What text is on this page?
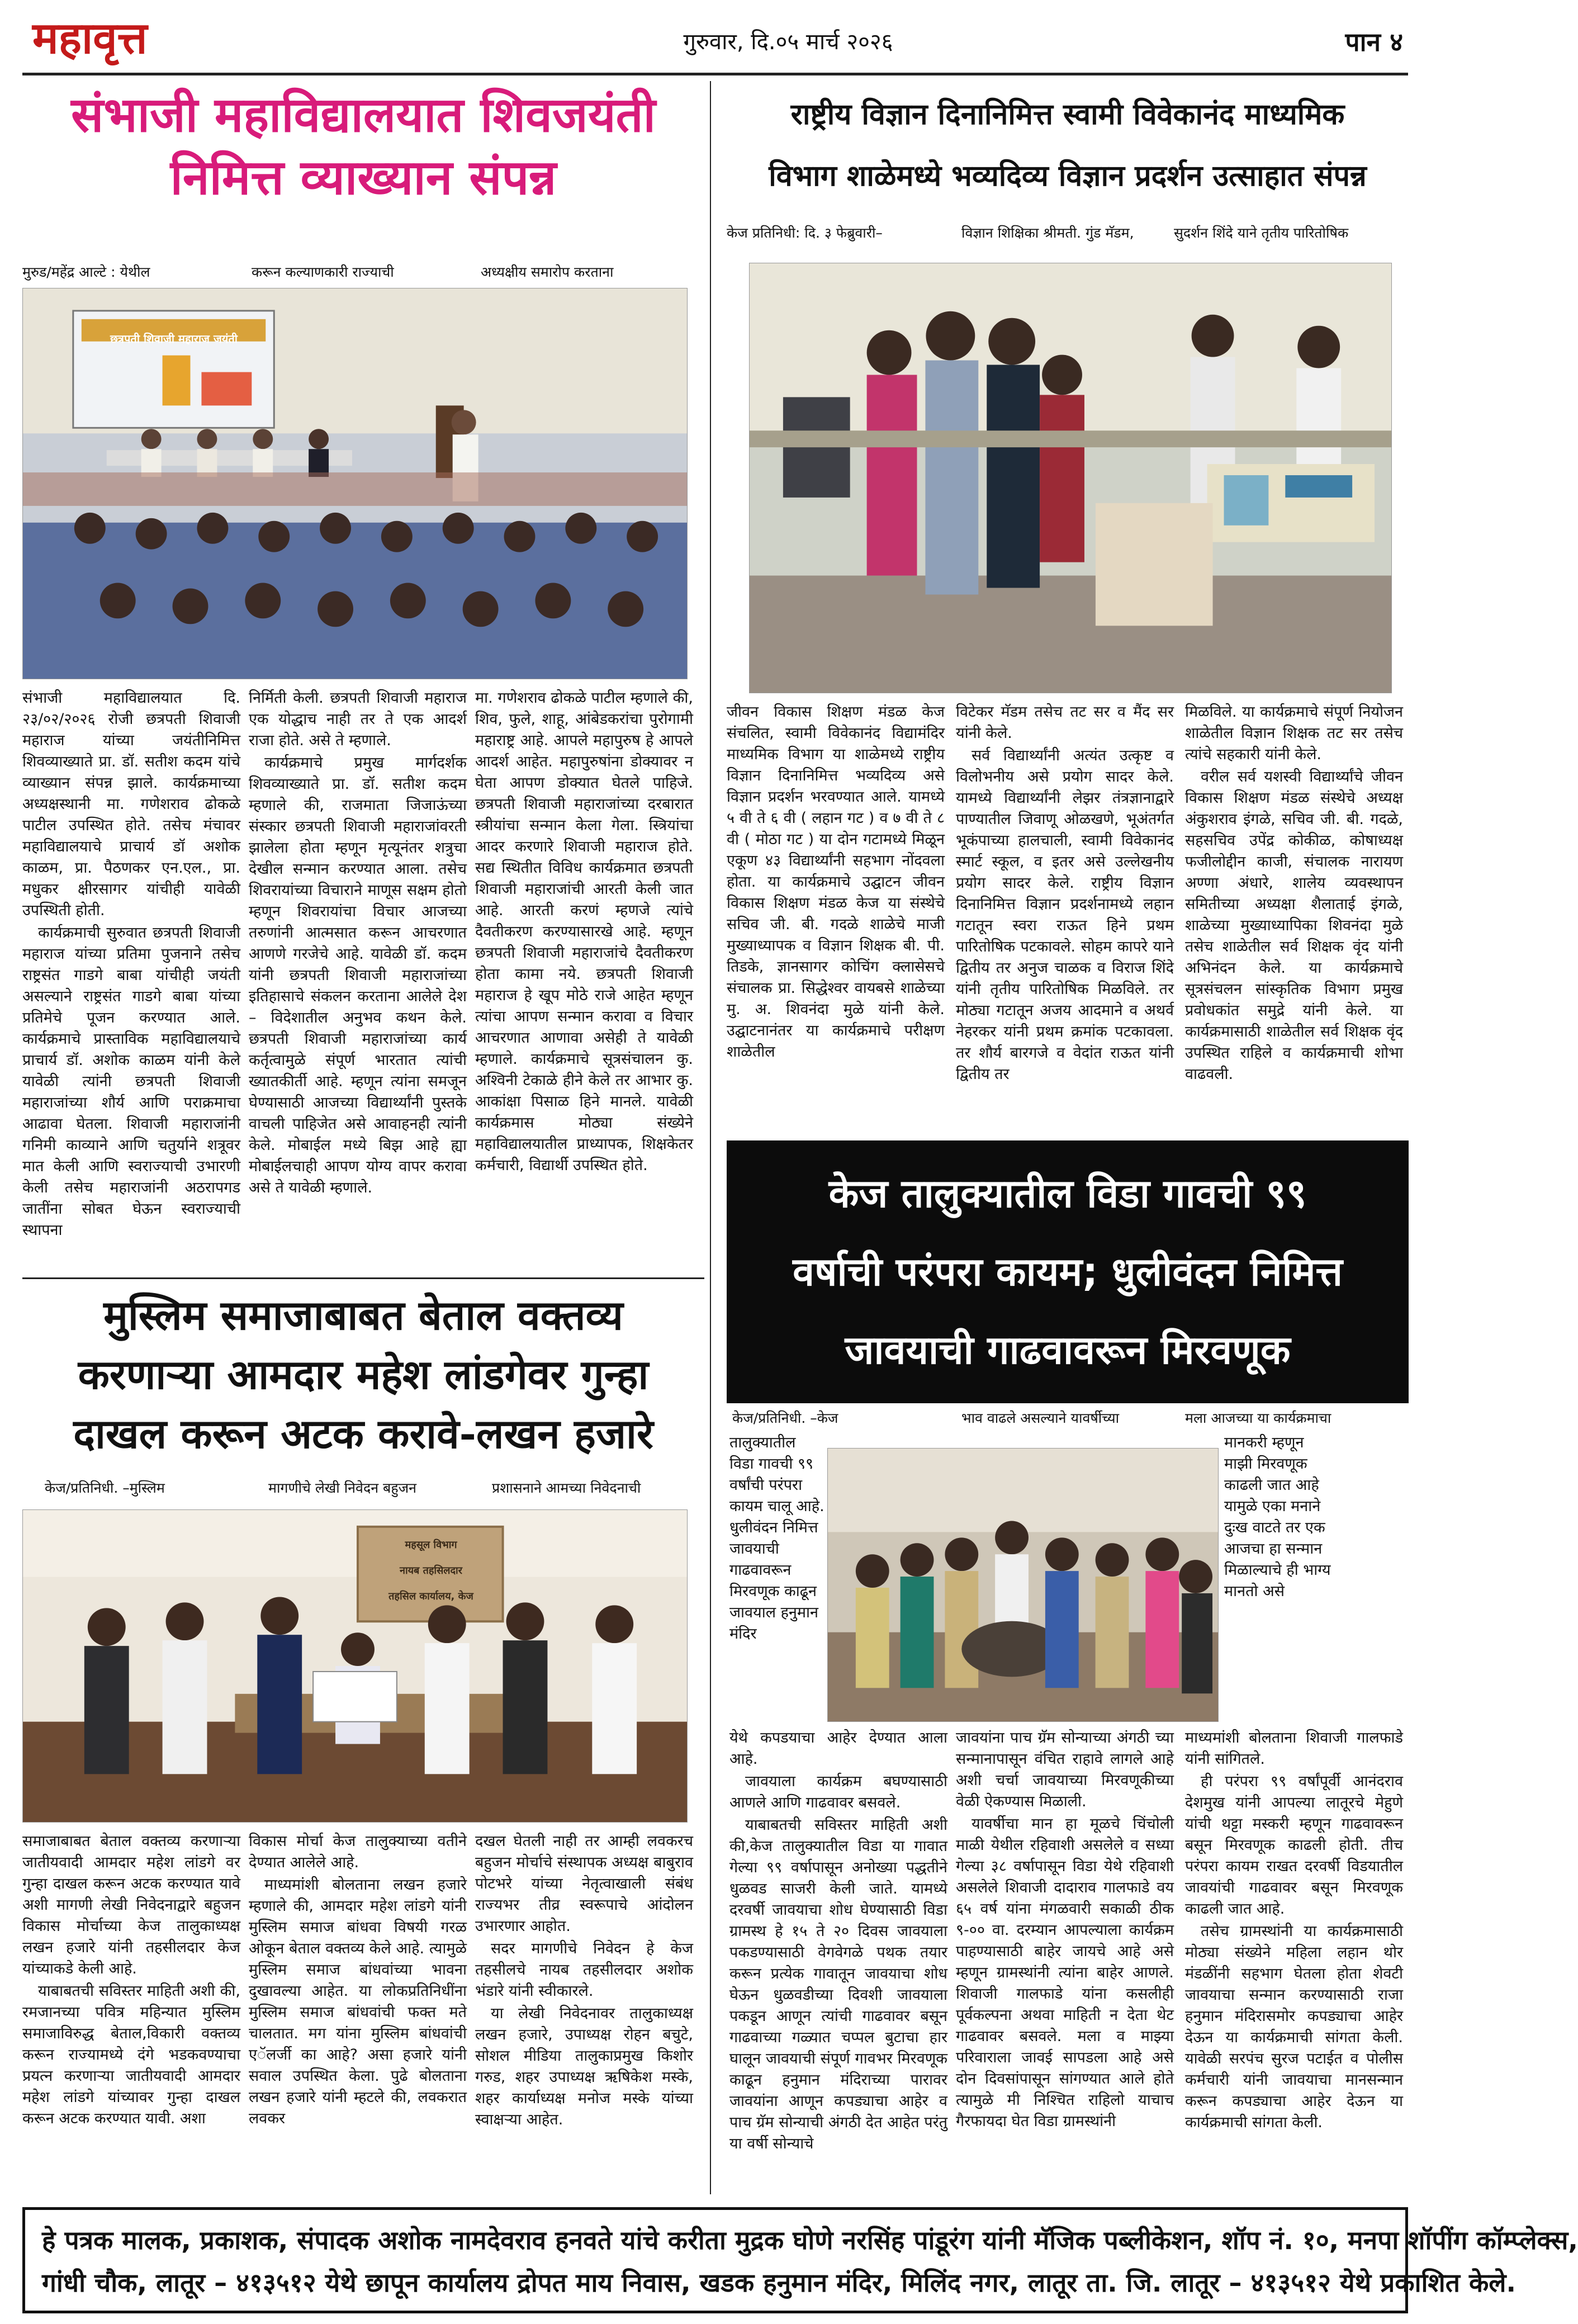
महावृत्त	गुरुवार, दि.०५ मार्च २०२६	पान ४
संभाजी महाविद्यालयात शिवजयंती
निमित्त व्याख्यान संपन्न
मुरुड/महेंद्र आल्टे : येथील	करून कल्याणकारी राज्याची	अध्यक्षीय समारोप करताना
छत्रपती शिवाजी महाराज जयंती

संभाजी महाविद्यालयात दि. २३/०२/२०२६ रोजी छत्रपती शिवाजी महाराज यांच्या जयंतीनिमित्त शिवव्याख्याते प्रा. डॉ. सतीश कदम यांचे व्याख्यान संपन्न झाले. कार्यक्रमाच्या अध्यक्षस्थानी मा. गणेशराव ढोकळे पाटील उपस्थित होते. तसेच मंचावर महाविद्यालयाचे प्राचार्य डॉ अशोक काळम, प्रा. पैठणकर एन.एल., प्रा. मधुकर क्षीरसागर यांचीही यावेळी उपस्थिती होती.

कार्यक्रमाची सुरुवात छत्रपती शिवाजी महाराज यांच्या प्रतिमा पुजनाने तसेच राष्ट्रसंत गाडगे बाबा यांचीही जयंती असल्याने राष्ट्रसंत गाडगे बाबा यांच्या प्रतिमेचे पूजन करण्यात आले. कार्यक्रमाचे प्रास्ताविक महाविद्यालयाचे प्राचार्य डॉ. अशोक काळम यांनी केले यावेळी त्यांनी छत्रपती शिवाजी महाराजांच्या शौर्य आणि पराक्रमाचा आढावा घेतला. शिवाजी महाराजांनी गनिमी काव्याने आणि चतुर्याने शत्रूवर मात केली आणि स्वराज्याची उभारणी केली तसेच महाराजांनी अठरापगड जातींना सोबत घेऊन स्वराज्याची स्थापना

निर्मिती केली. छत्रपती शिवाजी महाराज एक योद्धाच नाही तर ते एक आदर्श राजा होते. असे ते म्हणाले.

कार्यक्रमाचे प्रमुख मार्गदर्शक शिवव्याख्याते प्रा. डॉ. सतीश कदम म्हणाले की, राजमाता जिजाऊंच्या संस्कार छत्रपती शिवाजी महाराजांवरती झालेला होता म्हणून मृत्यूनंतर शत्रुचा देखील सन्मान करण्यात आला. तसेच शिवरायांच्या विचाराने माणूस सक्षम होतो म्हणून शिवरायांचा विचार आजच्या तरुणांनी आत्मसात करून आचरणात आणणे गरजेचे आहे. यावेळी डॉ. कदम यांनी छत्रपती शिवाजी महाराजांच्या इतिहासाचे संकलन करताना आलेले देश – विदेशातील अनुभव कथन केले. छत्रपती शिवाजी महाराजांच्या कार्य कर्तृत्वामुळे संपूर्ण भारतात त्यांची ख्यातकीर्ती आहे. म्हणून त्यांना समजून घेण्यासाठी आजच्या विद्यार्थ्यांनी पुस्तके वाचली पाहिजेत असे आवाहनही त्यांनी केले. मोबाईल मध्ये बिझ आहे ह्या मोबाईलचाही आपण योग्य वापर करावा असे ते यावेळी म्हणाले.

मा. गणेशराव ढोकळे पाटील म्हणाले की, शिव, फुले, शाहू, आंबेडकरांचा पुरोगामी महाराष्ट्र आहे. आपले महापुरुष हे आपले आदर्श आहेत. महापुरुषांना डोक्यावर न घेता आपण डोक्यात घेतले पाहिजे. छत्रपती शिवाजी महाराजांच्या दरबारात स्त्रीयांचा सन्मान केला गेला. स्त्रियांचा आदर करणारे शिवाजी महाराज होते. सद्य स्थितीत विविध कार्यक्रमात छत्रपती शिवाजी महाराजांची आरती केली जात आहे. आरती करणं म्हणजे त्यांचे दैवतीकरण करण्यासारखे आहे. म्हणून छत्रपती शिवाजी महाराजांचे दैवतीकरण होता कामा नये. छत्रपती शिवाजी महाराज हे खूप मोठे राजे आहेत म्हणून त्यांचा आपण सन्मान करावा व विचार आचरणात आणावा असेही ते यावेळी म्हणाले. कार्यक्रमाचे सूत्रसंचालन कु. अश्विनी टेकाळे हीने केले तर आभार कु. आकांक्षा पिसाळ हिने मानले. यावेळी कार्यक्रमास मोठ्या संख्येने महाविद्यालयातील प्राध्यापक, शिक्षकेतर कर्मचारी, विद्यार्थी उपस्थित होते.

मुस्लिम समाजाबाबत बेताल वक्तव्य
करणाऱ्या आमदार महेश लांडगेवर गुन्हा
दाखल करून अटक करावे-लखन हजारे
केज/प्रतिनिधी. –मुस्लिम	मागणीचे लेखी निवेदन बहुजन	प्रशासनाने आमच्या निवेदनाची
महसूल विभाग
नायब तहसिलदार
तहसिल कार्यालय, केज

समाजाबाबत बेताल वक्तव्य करणाऱ्या जातीयवादी आमदार महेश लांडगे वर गुन्हा दाखल करून अटक करण्यात यावे अशी मागणी लेखी निवेदनाद्वारे बहुजन विकास मोर्चाच्या केज तालुकाध्यक्ष लखन हजारे यांनी तहसीलदार केज यांच्याकडे केली आहे.

याबाबतची सविस्तर माहिती अशी की, रमजानच्या पवित्र महिन्यात मुस्लिम समाजाविरुद्ध बेताल,विकारी वक्तव्य करून राज्यामध्ये दंगे भडकवण्याचा प्रयत्न करणाऱ्या जातीयवादी आमदार महेश लांडगे यांच्यावर गुन्हा दाखल करून अटक करण्यात यावी. अशा

विकास मोर्चा केज तालुक्याच्या वतीने देण्यात आलेले आहे.

माध्यमांशी बोलताना लखन हजारे म्हणाले की, आमदार महेश लांडगे यांनी मुस्लिम समाज बांधवा विषयी गरळ ओकून बेताल वक्तव्य केले आहे. त्यामुळे मुस्लिम समाज बांधवांच्या भावना दुखावल्या आहेत. या लोकप्रतिनिधींना मुस्लिम समाज बांधवांची फक्त मते चालतात. मग यांना मुस्लिम बांधवांची एॅलर्जी का आहे? असा हजारे यांनी सवाल उपस्थित केला. पुढे बोलताना लखन हजारे यांनी म्हटले की, लवकरात लवकर

दखल घेतली नाही तर आम्ही लवकरच बहुजन मोर्चाचे संस्थापक अध्यक्ष बाबुराव पोटभरे यांच्या नेतृत्वाखाली संबंध राज्यभर तीव्र स्वरूपाचे आंदोलन उभारणार आहोत.

सदर मागणीचे निवेदन हे केज तहसीलचे नायब तहसीलदार अशोक भंडारे यांनी स्वीकारले.

या लेखी निवेदनावर तालुकाध्यक्ष लखन हजारे, उपाध्यक्ष रोहन बचुटे, सोशल मीडिया तालुकाप्रमुख किशोर गरुड, शहर उपाध्यक्ष ऋषिकेश मस्के, शहर कार्याध्यक्ष मनोज मस्के यांच्या स्वाक्षऱ्या आहेत.

राष्ट्रीय विज्ञान दिनानिमित्त स्वामी विवेकानंद माध्यमिक
विभाग शाळेमध्ये भव्यदिव्य विज्ञान प्रदर्शन उत्साहात संपन्न
केज प्रतिनिधी: दि. ३ फेब्रुवारी–	विज्ञान शिक्षिका श्रीमती. गुंड मॅडम,	सुदर्शन शिंदे याने तृतीय पारितोषिक

जीवन विकास शिक्षण मंडळ केज संचलित, स्वामी विवेकानंद विद्यामंदिर माध्यमिक विभाग या शाळेमध्ये राष्ट्रीय विज्ञान दिनानिमित्त भव्यदिव्य असे विज्ञान प्रदर्शन भरवण्यात आले. यामध्ये ५ वी ते ६ वी ( लहान गट ) व ७ वी ते ८ वी ( मोठा गट ) या दोन गटामध्ये मिळून एकूण ४३ विद्यार्थ्यांनी सहभाग नोंदवला होता. या कार्यक्रमाचे उद्घाटन जीवन विकास शिक्षण मंडळ केज या संस्थेचे सचिव जी. बी. गदळे शाळेचे माजी मुख्याध्यापक व विज्ञान शिक्षक बी. पी. तिडके, ज्ञानसागर कोचिंग क्लासेसचे संचालक प्रा. सिद्धेश्वर वायबसे शाळेच्या मु. अ. शिवनंदा मुळे यांनी केले. उद्घाटनानंतर या कार्यक्रमाचे परीक्षण शाळेतील

विटेकर मॅडम तसेच तट सर व मैंद सर यांनी केले.

सर्व विद्यार्थ्यांनी अत्यंत उत्कृष्ट व विलोभनीय असे प्रयोग सादर केले. यामध्ये विद्यार्थ्यांनी लेझर तंत्रज्ञानाद्वारे पाण्यातील जिवाणू ओळखणे, भूअंतर्गत भूकंपाच्या हालचाली, स्वामी विवेकानंद स्मार्ट स्कूल, व इतर असे उल्लेखनीय प्रयोग सादर केले. राष्ट्रीय विज्ञान दिनानिमित्त विज्ञान प्रदर्शनामध्ये लहान गटातून स्वरा राऊत हिने प्रथम पारितोषिक पटकावले. सोहम कापरे याने द्वितीय तर अनुज चाळक व विराज शिंदे यांनी तृतीय पारितोषिक मिळविले. तर मोठ्या गटातून अजय आदमाने व अथर्व नेहरकर यांनी प्रथम क्रमांक पटकावला. तर शौर्य बारगजे व वेदांत राऊत यांनी द्वितीय तर

मिळविले. या कार्यक्रमाचे संपूर्ण नियोजन शाळेतील विज्ञान शिक्षक तट सर तसेच त्यांचे सहकारी यांनी केले.

वरील सर्व यशस्वी विद्यार्थ्यांचे जीवन विकास शिक्षण मंडळ संस्थेचे अध्यक्ष अंकुशराव इंगळे, सचिव जी. बी. गदळे, सहसचिव उपेंद्र कोकीळ, कोषाध्यक्ष फजीलोद्दीन काजी, संचालक नारायण अण्णा अंधारे, शालेय व्यवस्थापन समितीच्या अध्यक्षा शैलाताई इंगळे, शाळेच्या मुख्याध्यापिका शिवनंदा मुळे तसेच शाळेतील सर्व शिक्षक वृंद यांनी अभिनंदन केले. या कार्यक्रमाचे सूत्रसंचलन सांस्कृतिक विभाग प्रमुख प्रवोधकांत समुद्रे यांनी केले. या कार्यक्रमासाठी शाळेतील सर्व शिक्षक वृंद उपस्थित राहिले व कार्यक्रमाची शोभा वाढवली.

केज तालुक्यातील विडा गावची ९९
वर्षाची परंपरा कायम; धुलीवंदन निमित्त
जावयाची गाढवावरून मिरवणूक
केज/प्रतिनिधी. –केज	भाव वाढले असल्याने यावर्षीच्या	मला आजच्या या कार्यक्रमाचा

तालुक्यातील विडा गावची ९९ वर्षांची परंपरा कायम चालू आहे. धुलीवंदन निमित्त जावयाची गाढवावरून मिरवणूक काढून जावयाल हनुमान मंदिर

मानकरी म्हणून माझी मिरवणूक काढली जात आहे यामुळे एका मनाने दुःख वाटते तर एक आजचा हा सन्मान मिळाल्याचे ही भाग्य मानतो असे

येथे कपडयाचा आहेर देण्यात आला आहे.

जावयाला कार्यक्रम बघण्यासाठी आणले आणि गाढवावर बसवले.

याबाबतची सविस्तर माहिती अशी की,केज तालुक्यातील विडा या गावात गेल्या ९९ वर्षापासून अनोख्या पद्धतीने धुळवड साजरी केली जाते. यामध्ये दरवर्षी जावयाचा शोध घेण्यासाठी विडा ग्रामस्थ हे १५ ते २० दिवस जावयाला पकडण्यासाठी वेगवेगळे पथक तयार करून प्रत्येक गावातून जावयाचा शोध घेऊन धुळवडीच्या दिवशी जावयाला पकडून आणून त्यांची गाढवावर बसून गाढवाच्या गळ्यात चप्पल बुटाचा हार घालून जावयाची संपूर्ण गावभर मिरवणूक काढून हनुमान मंदिराच्या पारावर जावयांना आणून कपड्याचा आहेर व पाच ग्रॅम सोन्याची अंगठी देत आहेत परंतु या वर्षी सोन्याचे

जावयांना पाच ग्रॅम सोन्याच्या अंगठी च्या सन्मानापासून वंचित राहावे लागले आहे अशी चर्चा जावयाच्या मिरवणूकीच्या वेळी ऐकण्यास मिळाली.

यावर्षीचा मान हा मूळचे चिंचोली माळी येथील रहिवाशी असलेले व सध्या गेल्या ३८ वर्षापासून विडा येथे रहिवाशी असलेले शिवाजी दादाराव गालफाडे वय ६५ वर्ष यांना मंगळवारी सकाळी ठीक ९-०० वा. दरम्यान आपल्याला कार्यक्रम पाहण्यासाठी बाहेर जायचे आहे असे म्हणून ग्रामस्थांनी त्यांना बाहेर आणले. शिवाजी गालफाडे यांना कसलीही पूर्वकल्पना अथवा माहिती न देता थेट गाढवावर बसवले. मला व माझ्या परिवाराला जावई सापडला आहे असे दोन दिवसांपासून सांगण्यात आले होते त्यामुळे मी निश्चित राहिलो याचाच गैरफायदा घेत विडा ग्रामस्थांनी

माध्यमांशी बोलताना शिवाजी गालफाडे यांनी सांगितले.

ही परंपरा ९९ वर्षांपूर्वी आनंदराव देशमुख यांनी आपल्या लातूरचे मेहुणे यांची थट्टा मस्करी म्हणून गाढवावरून बसून मिरवणूक काढली होती. तीच परंपरा कायम राखत दरवर्षी विडयातील जावयांची गाढवावर बसून मिरवणूक काढली जात आहे.

तसेच ग्रामस्थांनी या कार्यक्रमासाठी मोठ्या संख्येने महिला लहान थोर मंडळींनी सहभाग घेतला होता शेवटी जावयाचा सन्मान करण्यासाठी राजा हनुमान मंदिरासमोर कपड्याचा आहेर देऊन या कार्यक्रमाची सांगता केली. यावेळी सरपंच सुरज पटाईत व पोलीस कर्मचारी यांनी जावयाचा मानसन्मान करून कपड्याचा आहेर देऊन या कार्यक्रमाची सांगता केली.

हे पत्रक मालक, प्रकाशक, संपादक अशोक नामदेवराव हनवते यांचे करीता मुद्रक घोणे नरसिंह पांडूरंग यांनी मॅजिक पब्लीकेशन, शॉप नं. १०, मनपा शॉपींग कॉम्प्लेक्स,
गांधी चौक, लातूर – ४१३५१२ येथे छापून कार्यालय द्रोपत माय निवास, खडक हनुमान मंदिर, मिलिंद नगर, लातूर ता. जि. लातूर – ४१३५१२ येथे प्रकाशित केले.
